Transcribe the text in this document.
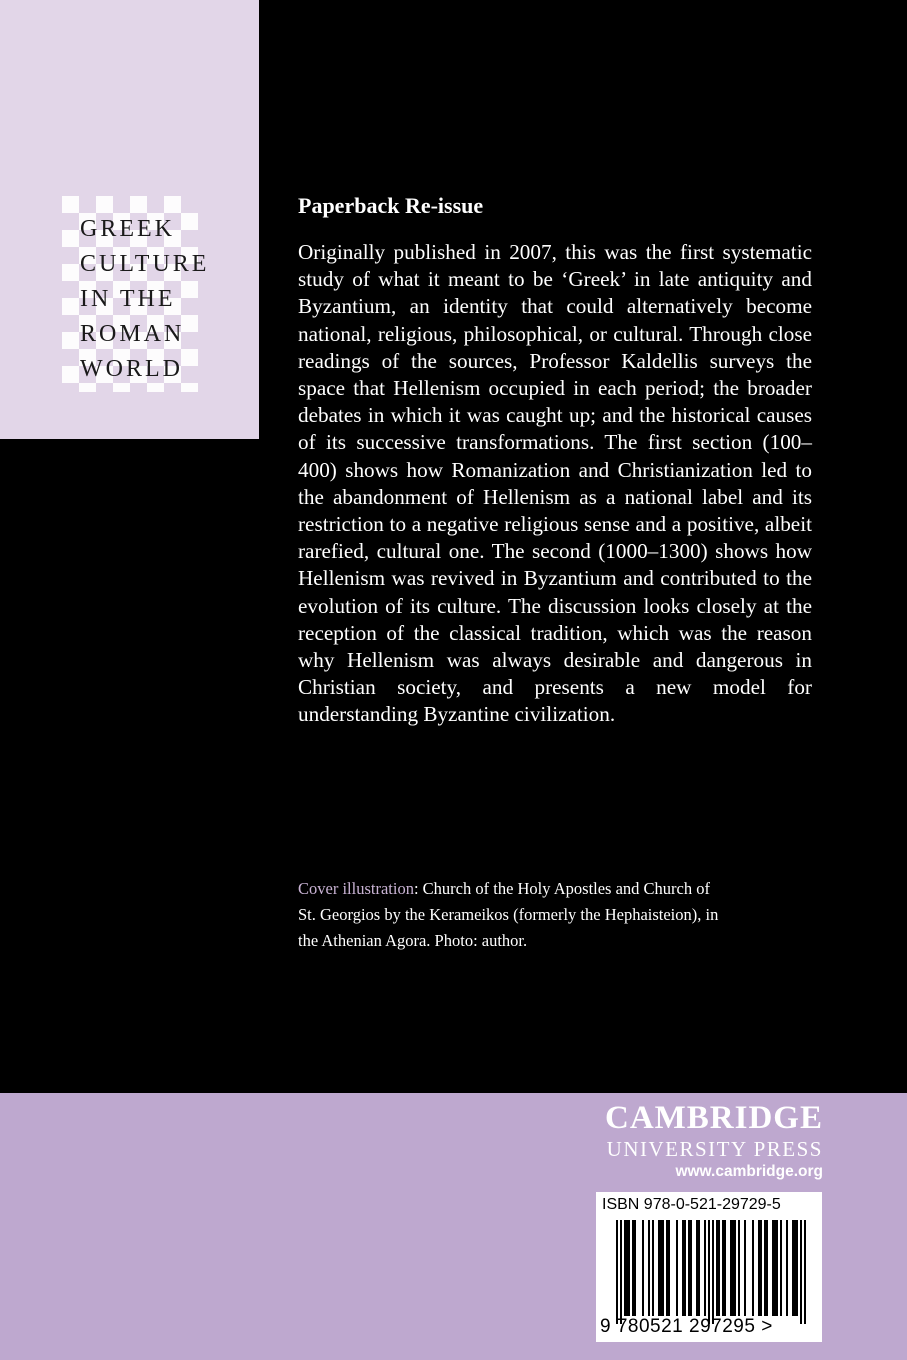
GREEK
CULTURE
IN THE
ROMAN
WORLD
Paperback Re-issue

Originally published in 2007, this was the first systematic study of what it meant to be ‘Greek’ in late antiquity and Byzantium, an identity that could alternatively become national, religious, philosophical, or cultural. Through close readings of the sources, Professor Kaldellis surveys the space that Hellenism occupied in each period; the broader debates in which it was caught up; and the historical causes of its successive transformations. The first section (100–400) shows how Romanization and Christianization led to the abandonment of Hellenism as a national label and its restriction to a negative religious sense and a positive, albeit rarefied, cultural one. The second (1000–1300) shows how Hellenism was revived in Byzantium and contributed to the evolution of its culture. The discussion looks closely at the reception of the classical tradition, which was the reason why Hellenism was always desirable and dangerous in Christian society, and presents a new model for understanding Byzantine civilization.

Cover illustration: Church of the Holy Apostles and Church of St. Georgios by the Kerameikos (formerly the Hephaisteion), in the Athenian Agora. Photo: author.
CAMBRIDGE
UNIVERSITY PRESS
www.cambridge.org
ISBN 978-0-521-29729-5
9 780521 297295 >
